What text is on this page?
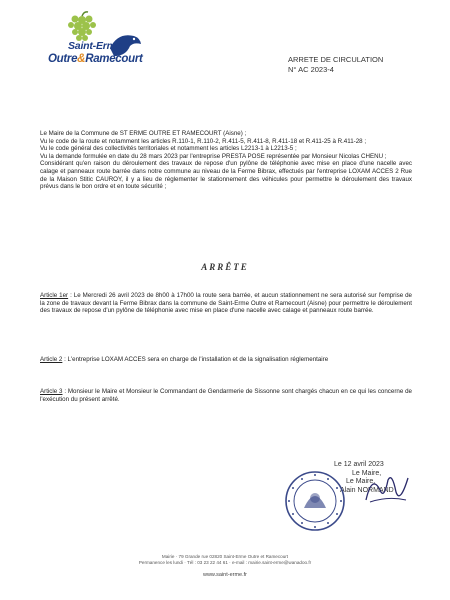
Saint-Erme
Outre&Ramecourt	ARRETE DE CIRCULATION
N° AC 2023-4

Le Maire de la Commune de ST ERME OUTRE ET RAMECOURT (Aisne) ;

Vu le code de la route et notamment les articles R.110-1, R.110-2, R.411-5, R.411-8, R.411-18 et R.411-25 à R.411-28 ;

Vu le code général des collectivités territoriales et notamment les articles L2213-1 à L2213-5 ;

Vu la demande formulée en date du 28 mars 2023 par l'entreprise PRESTA POSE représentée par Monsieur Nicolas CHENU ;

Considérant qu'en raison du déroulement des travaux de repose d'un pylône de téléphonie avec mise en place d'une nacelle avec calage et panneaux route barrée dans notre commune au niveau de la Ferme Bibrax, effectués par l'entreprise LOXAM ACCES 2 Rue de la Maison Stitic CAUROY, il y a lieu de réglementer le stationnement des véhicules pour permettre le déroulement des travaux prévus dans le bon ordre et en toute sécurité ;

ARRÊTE
Article 1er : Le Mercredi 26 avril 2023 de 8h00 à 17h00 la route sera barrée, et aucun stationnement ne sera autorisé sur l'emprise de la zone de travaux devant la Ferme Bibrax dans la commune de Saint-Erme Outre et Ramecourt (Aisne) pour permettre le déroulement des travaux de repose d'un pylône de téléphonie avec mise en place d'une nacelle avec calage et panneaux route barrée.
Article 2 : L'entreprise LOXAM ACCES sera en charge de l'installation et de la signalisation réglementaire
Article 3 : Monsieur le Maire et Monsieur le Commandant de Gendarmerie de Sissonne sont chargés chacun en ce qui les concerne de l'exécution du présent arrêté.
Le 12 avril 2023
Le Maire,
Le Maire,
Alain NORMAND
Mairie · 79 Grande rue 02820 Saint-Erme Outre et Ramecourt
Permanence les lundi · Tél : 03 23 22 44 61 · e-mail : mairie.saint-erme@wanadoo.fr
www.saint-erme.fr
